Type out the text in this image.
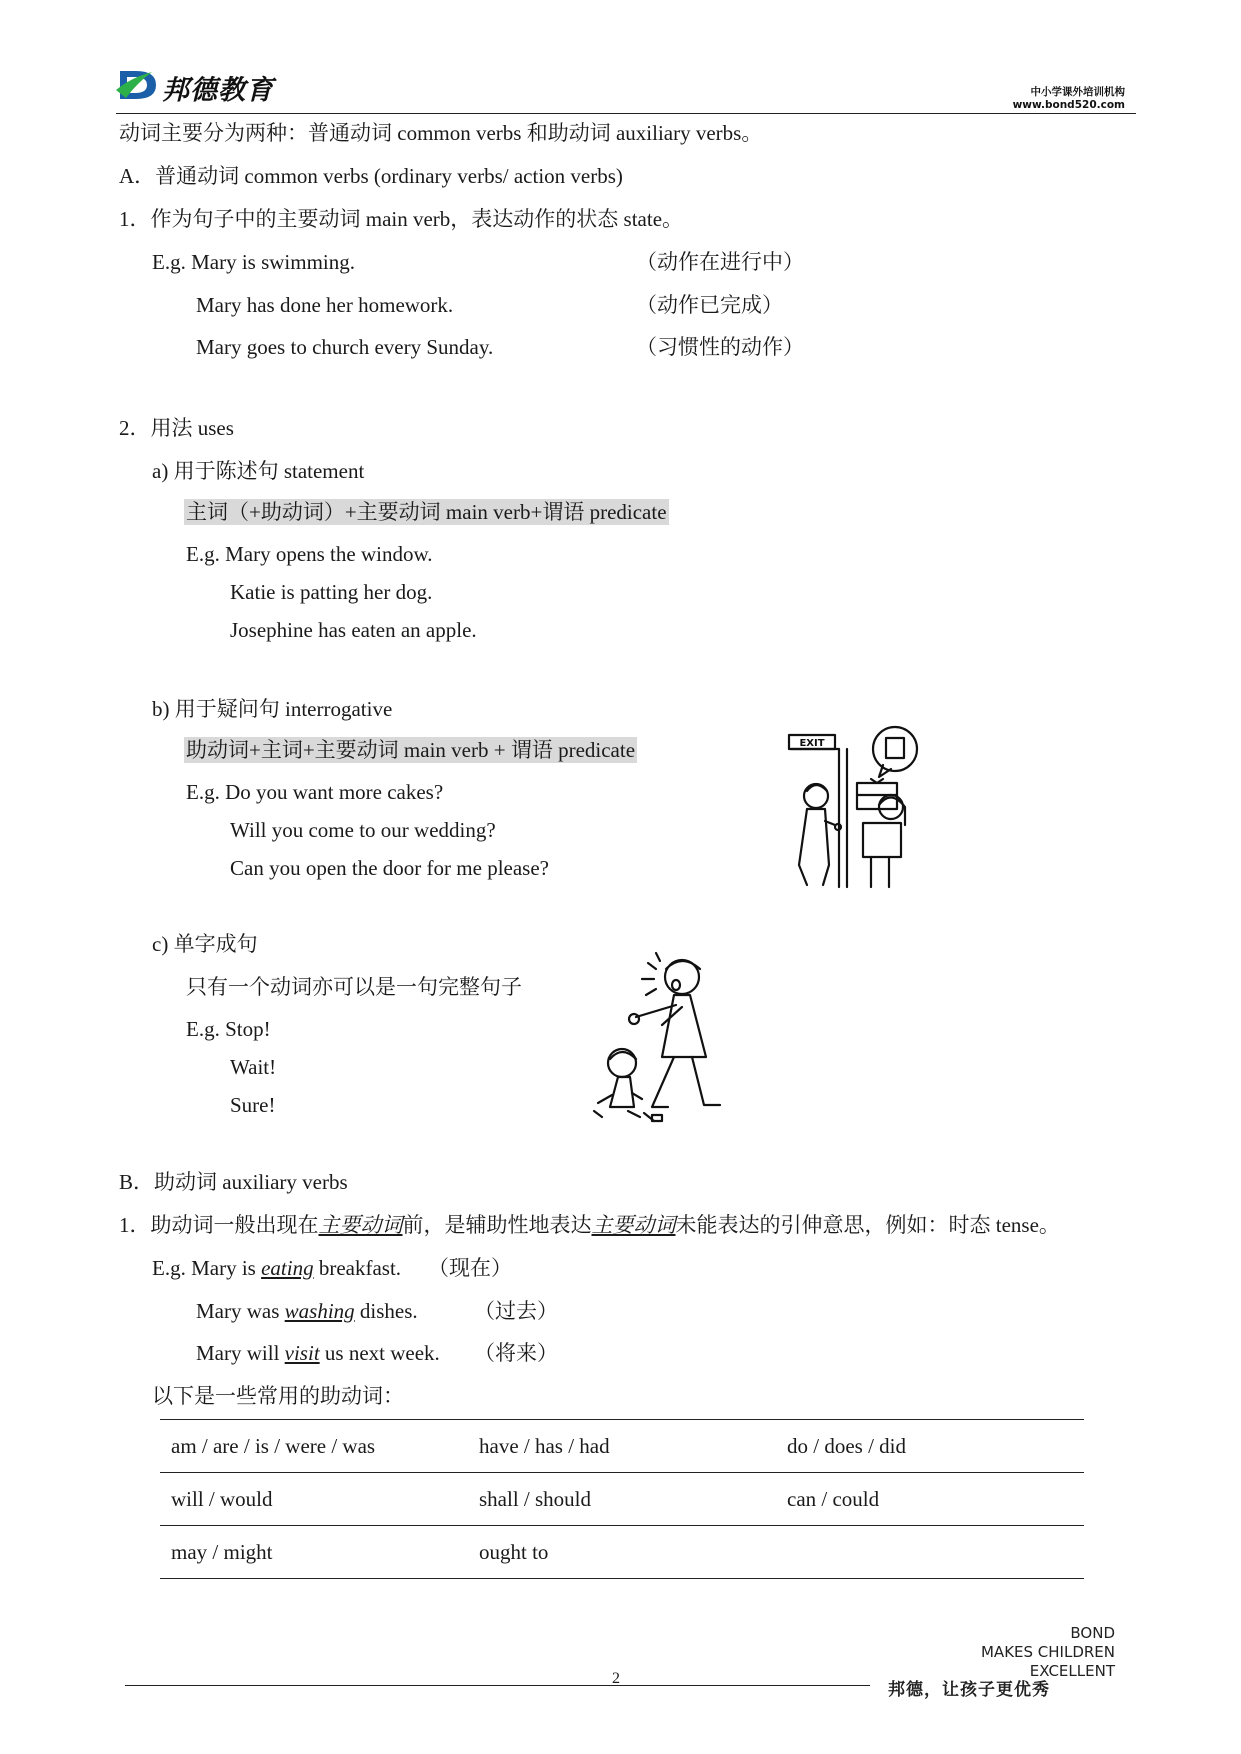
邦德教育	中小学课外培训机构
www.bond520.com
动词主要分为两种：普通动词 common verbs 和助动词 auxiliary verbs。
A．普通动词 common verbs (ordinary verbs/ action verbs)
1．作为句子中的主要动词 main verb，表达动作的状态 state。
E.g. Mary is swimming.	（动作在进行中）
Mary has done her homework.	（动作已完成）
Mary goes to church every Sunday.	（习惯性的动作）
2．用法 uses
a) 用于陈述句 statement
主词（+助动词）+主要动词 main verb+谓语 predicate
E.g. Mary opens the window.
Katie is patting her dog.
Josephine has eaten an apple.
b) 用于疑问句 interrogative
助动词+主词+主要动词 main verb + 谓语 predicate
E.g. Do you want more cakes?
Will you come to our wedding?
Can you open the door for me please?
EXIT
c) 单字成句
只有一个动词亦可以是一句完整句子
E.g. Stop!
Wait!
Sure!
B．助动词 auxiliary verbs
1．助动词一般出现在主要动词前，是辅助性地表达主要动词未能表达的引伸意思，例如：时态 tense。
E.g. Mary is eating breakfast. （现在）
Mary was washing dishes.	（过去）
Mary will visit us next week. （将来）
以下是一些常用的助动词：
am / are / is / were / was	have / has / had	do / does / did
will / would	shall / should	can / could
may / might	ought to	
BOND
MAKES CHILDREN
EXCELLENT
2
邦德，让孩子更优秀
